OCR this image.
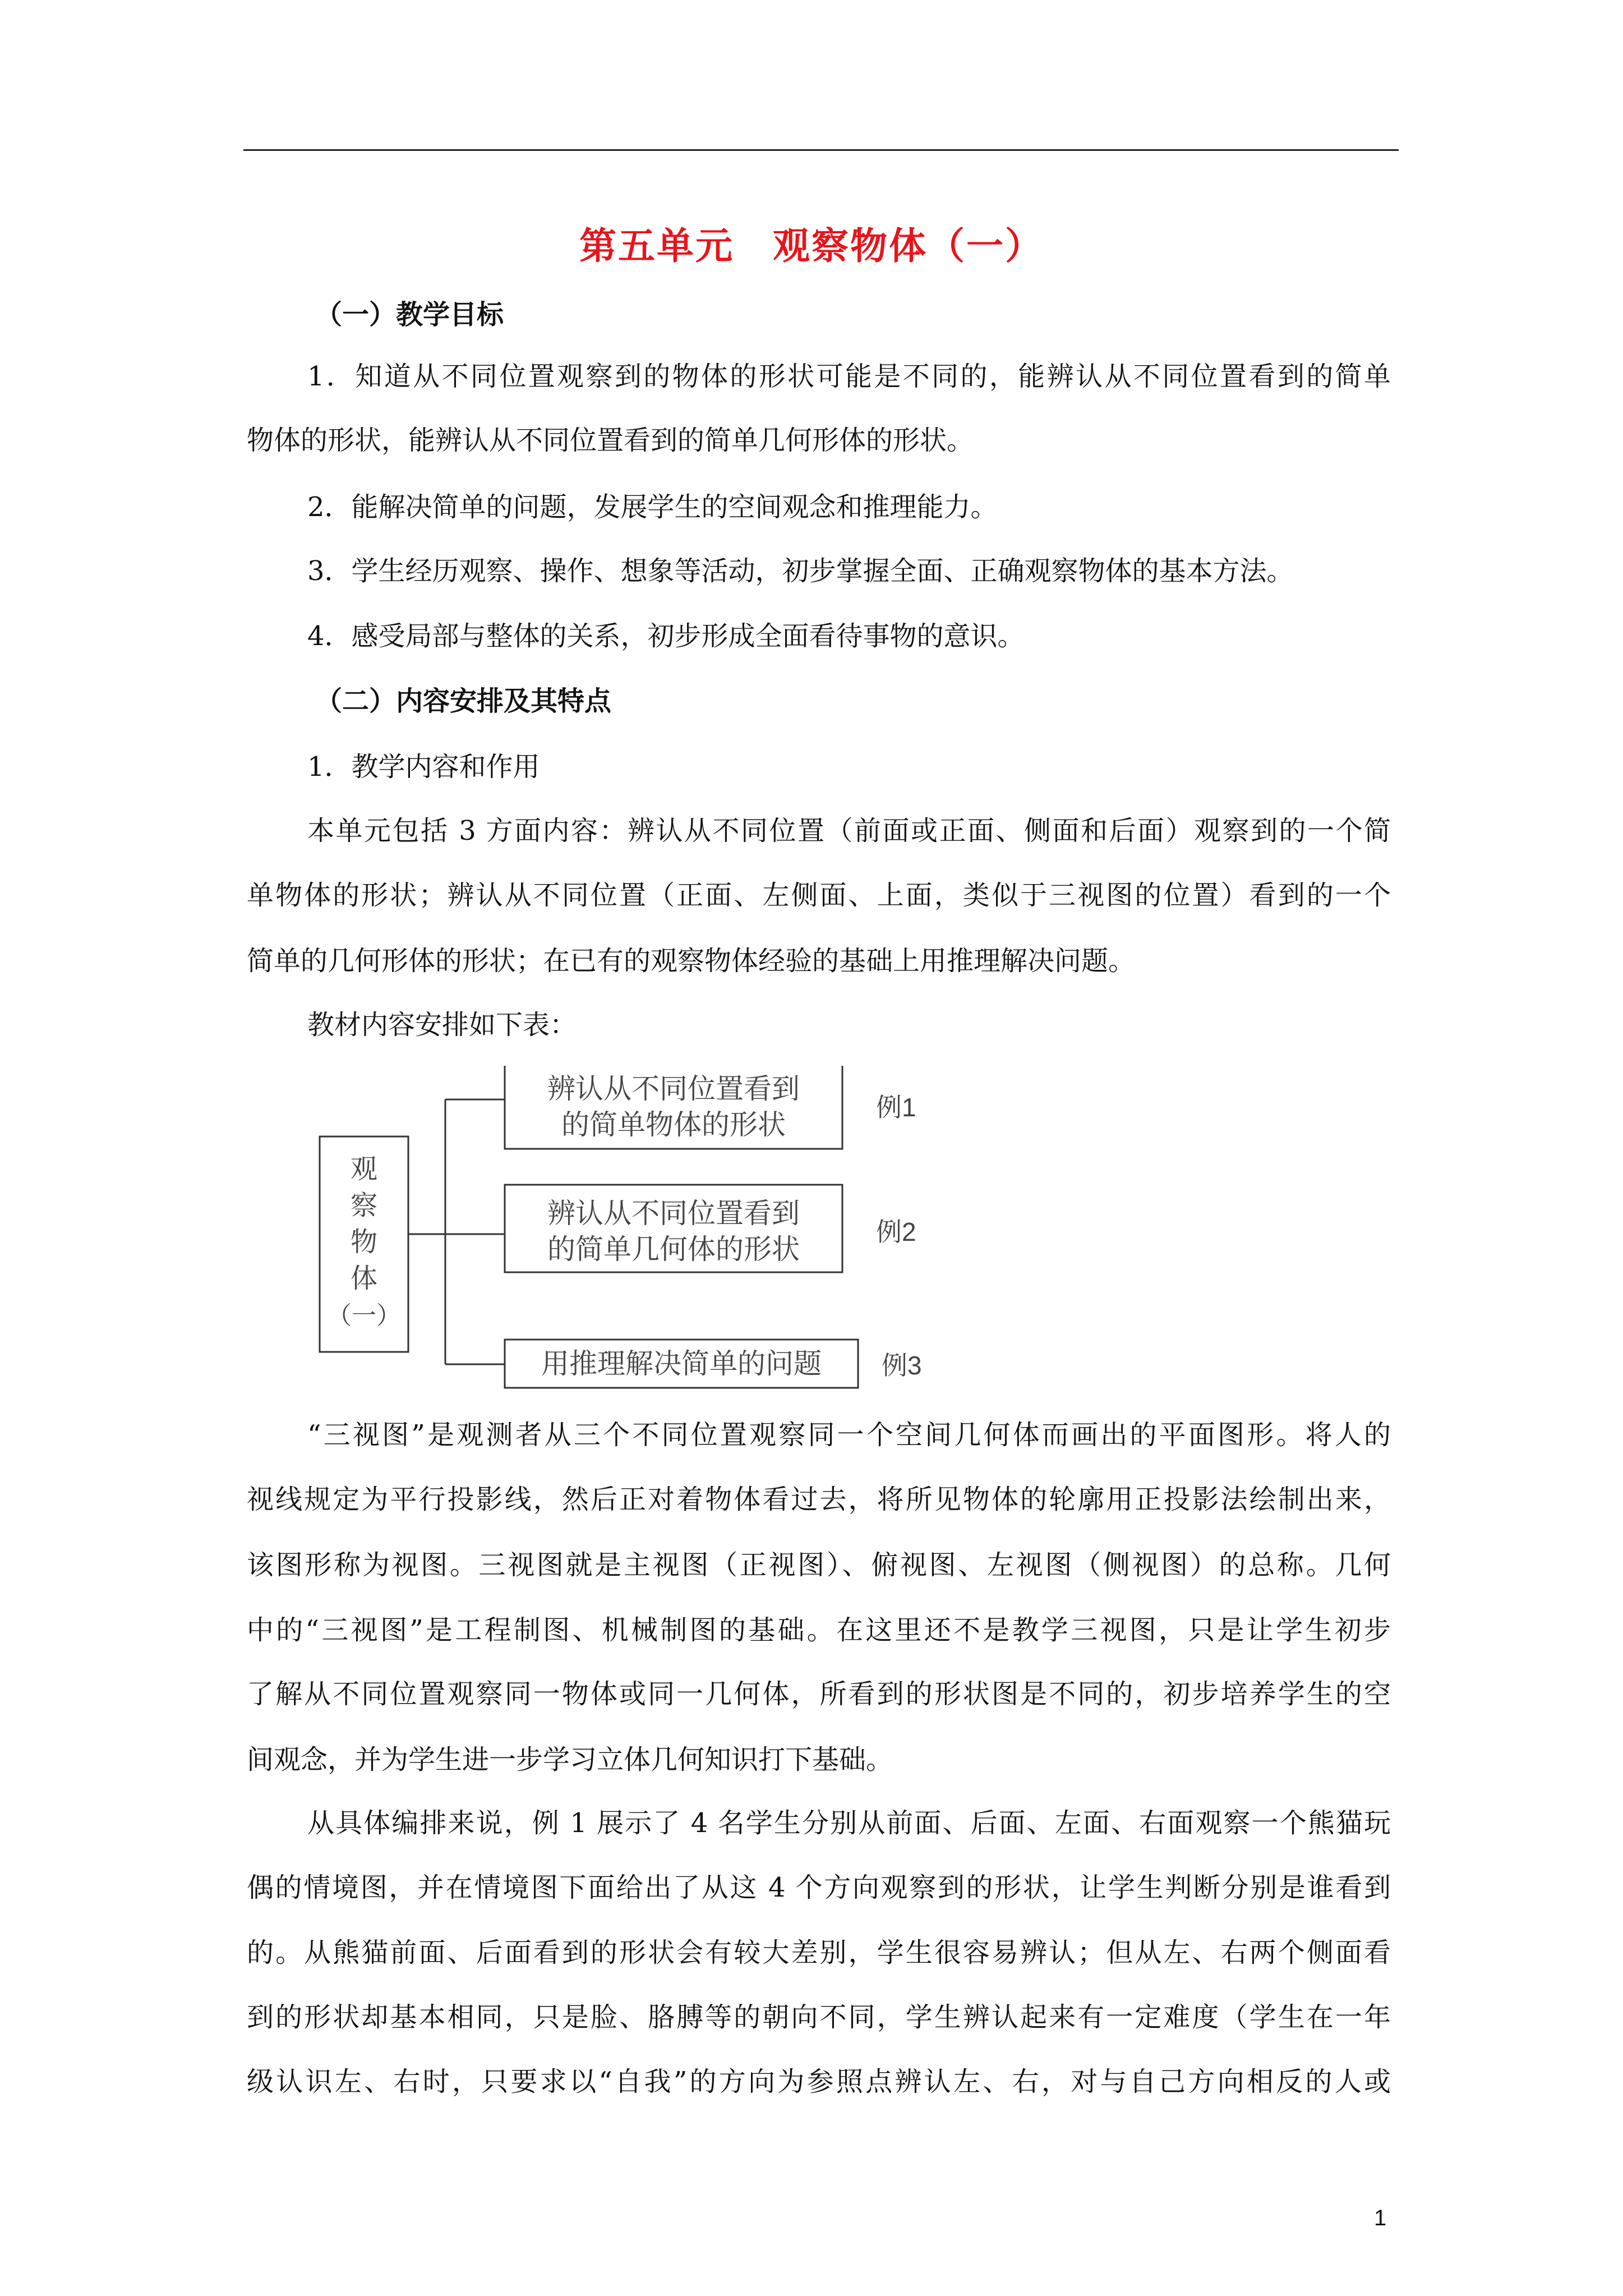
第五单元　观察物体（一）
（一）教学目标
1．知道从不同位置观察到的物体的形状可能是不同的，能辨认从不同位置看到的简单
物体的形状，能辨认从不同位置看到的简单几何形体的形状。
2．能解决简单的问题，发展学生的空间观念和推理能力。
3．学生经历观察、操作、想象等活动，初步掌握全面、正确观察物体的基本方法。
4．感受局部与整体的关系，初步形成全面看待事物的意识。
（二）内容安排及其特点
1．教学内容和作用
本单元包括 3 方面内容：辨认从不同位置（前面或正面、侧面和后面）观察到的一个简
单物体的形状；辨认从不同位置（正面、左侧面、上面，类似于三视图的位置）看到的一个
简单的几何形体的形状；在已有的观察物体经验的基础上用推理解决问题。
教材内容安排如下表：
观
察
物
体
（一）
辨认从不同位置看到
的简单物体的形状
例1
辨认从不同位置看到
的简单几何体的形状
例2
用推理解决简单的问题 例3
“三视图”是观测者从三个不同位置观察同一个空间几何体而画出的平面图形。将人的
视线规定为平行投影线，然后正对着物体看过去，将所见物体的轮廓用正投影法绘制出来，
该图形称为视图。三视图就是主视图（正视图）、俯视图、左视图（侧视图）的总称。几何
中的“三视图”是工程制图、机械制图的基础。在这里还不是教学三视图，只是让学生初步
了解从不同位置观察同一物体或同一几何体，所看到的形状图是不同的，初步培养学生的空
间观念，并为学生进一步学习立体几何知识打下基础。
从具体编排来说，例 1 展示了 4 名学生分别从前面、后面、左面、右面观察一个熊猫玩
偶的情境图，并在情境图下面给出了从这 4 个方向观察到的形状，让学生判断分别是谁看到
的。从熊猫前面、后面看到的形状会有较大差别，学生很容易辨认；但从左、右两个侧面看
到的形状却基本相同，只是脸、胳膊等的朝向不同，学生辨认起来有一定难度（学生在一年
级认识左、右时，只要求以“自我”的方向为参照点辨认左、右，对与自己方向相反的人或
1
